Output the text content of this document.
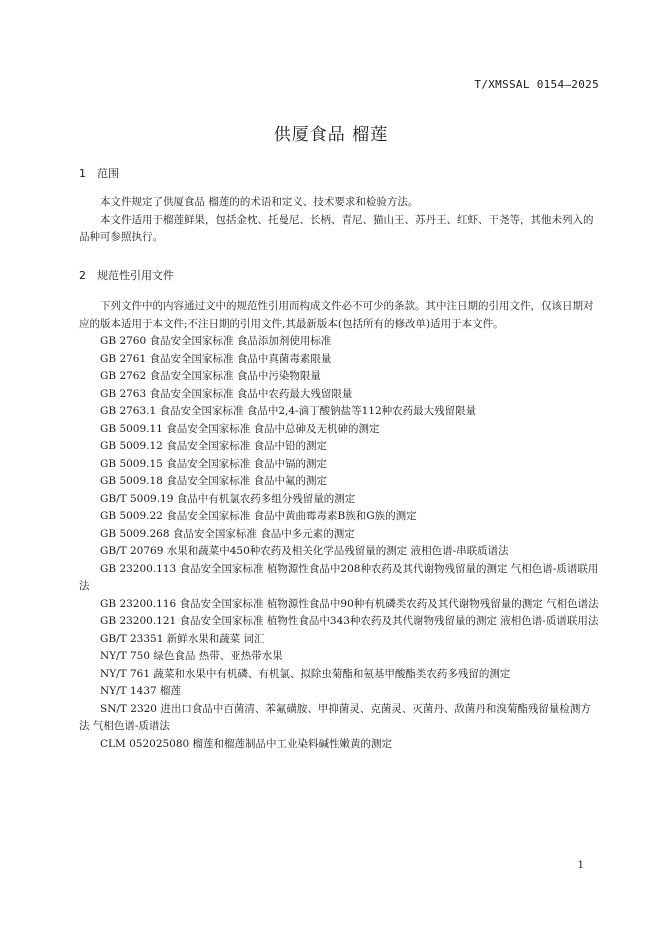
T/XMSSAL 0154—2025
供厦食品 榴莲
1 范围

本文件规定了供厦食品 榴莲的的术语和定义、技术要求和检验方法。

本文件适用于榴莲鲜果，包括金枕、托曼尼、长柄、青尼、猫山王、苏丹王、红虾、干尧等，其他未列入的品种可参照执行。

2 规范性引用文件

下列文件中的内容通过文中的规范性引用而构成文件必不可少的条款。其中注日期的引用文件，仅该日期对应的版本适用于本文件;不注日期的引用文件,其最新版本(包括所有的修改单)适用于本文件。

GB 2760 食品安全国家标准 食品添加剂使用标准

GB 2761 食品安全国家标准 食品中真菌毒素限量

GB 2762 食品安全国家标准 食品中污染物限量

GB 2763 食品安全国家标准 食品中农药最大残留限量

GB 2763.1 食品安全国家标准 食品中2,4-滴丁酸钠盐等112种农药最大残留限量

GB 5009.11 食品安全国家标准 食品中总砷及无机砷的测定

GB 5009.12 食品安全国家标准 食品中铅的测定

GB 5009.15 食品安全国家标准 食品中镉的测定

GB 5009.18 食品安全国家标准 食品中氟的测定

GB/T 5009.19 食品中有机氯农药多组分残留量的测定

GB 5009.22 食品安全国家标准 食品中黄曲霉毒素B族和G族的测定

GB 5009.268 食品安全国家标准 食品中多元素的测定

GB/T 20769 水果和蔬菜中450种农药及相关化学品残留量的测定 液相色谱-串联质谱法

GB 23200.113 食品安全国家标准 植物源性食品中208种农药及其代谢物残留量的测定 气相色谱-质谱联用法

GB 23200.116 食品安全国家标准 植物源性食品中90种有机磷类农药及其代谢物残留量的测定 气相色谱法

GB 23200.121 食品安全国家标准 植物性食品中343种农药及其代谢物残留量的测定 液相色谱-质谱联用法

GB/T 23351 新鲜水果和蔬菜 词汇

NY/T 750 绿色食品 热带、亚热带水果

NY/T 761 蔬菜和水果中有机磷、有机氯、拟除虫菊酯和氨基甲酸酯类农药多残留的测定

NY/T 1437 榴莲

SN/T 2320 进出口食品中百菌清、苯氟磺胺、甲抑菌灵、克菌灵、灭菌丹、敌菌丹和溴菊酯残留量检测方法 气相色谱-质谱法

CLM 052025080 榴莲和榴莲制品中工业染料碱性嫩黄的测定

1
